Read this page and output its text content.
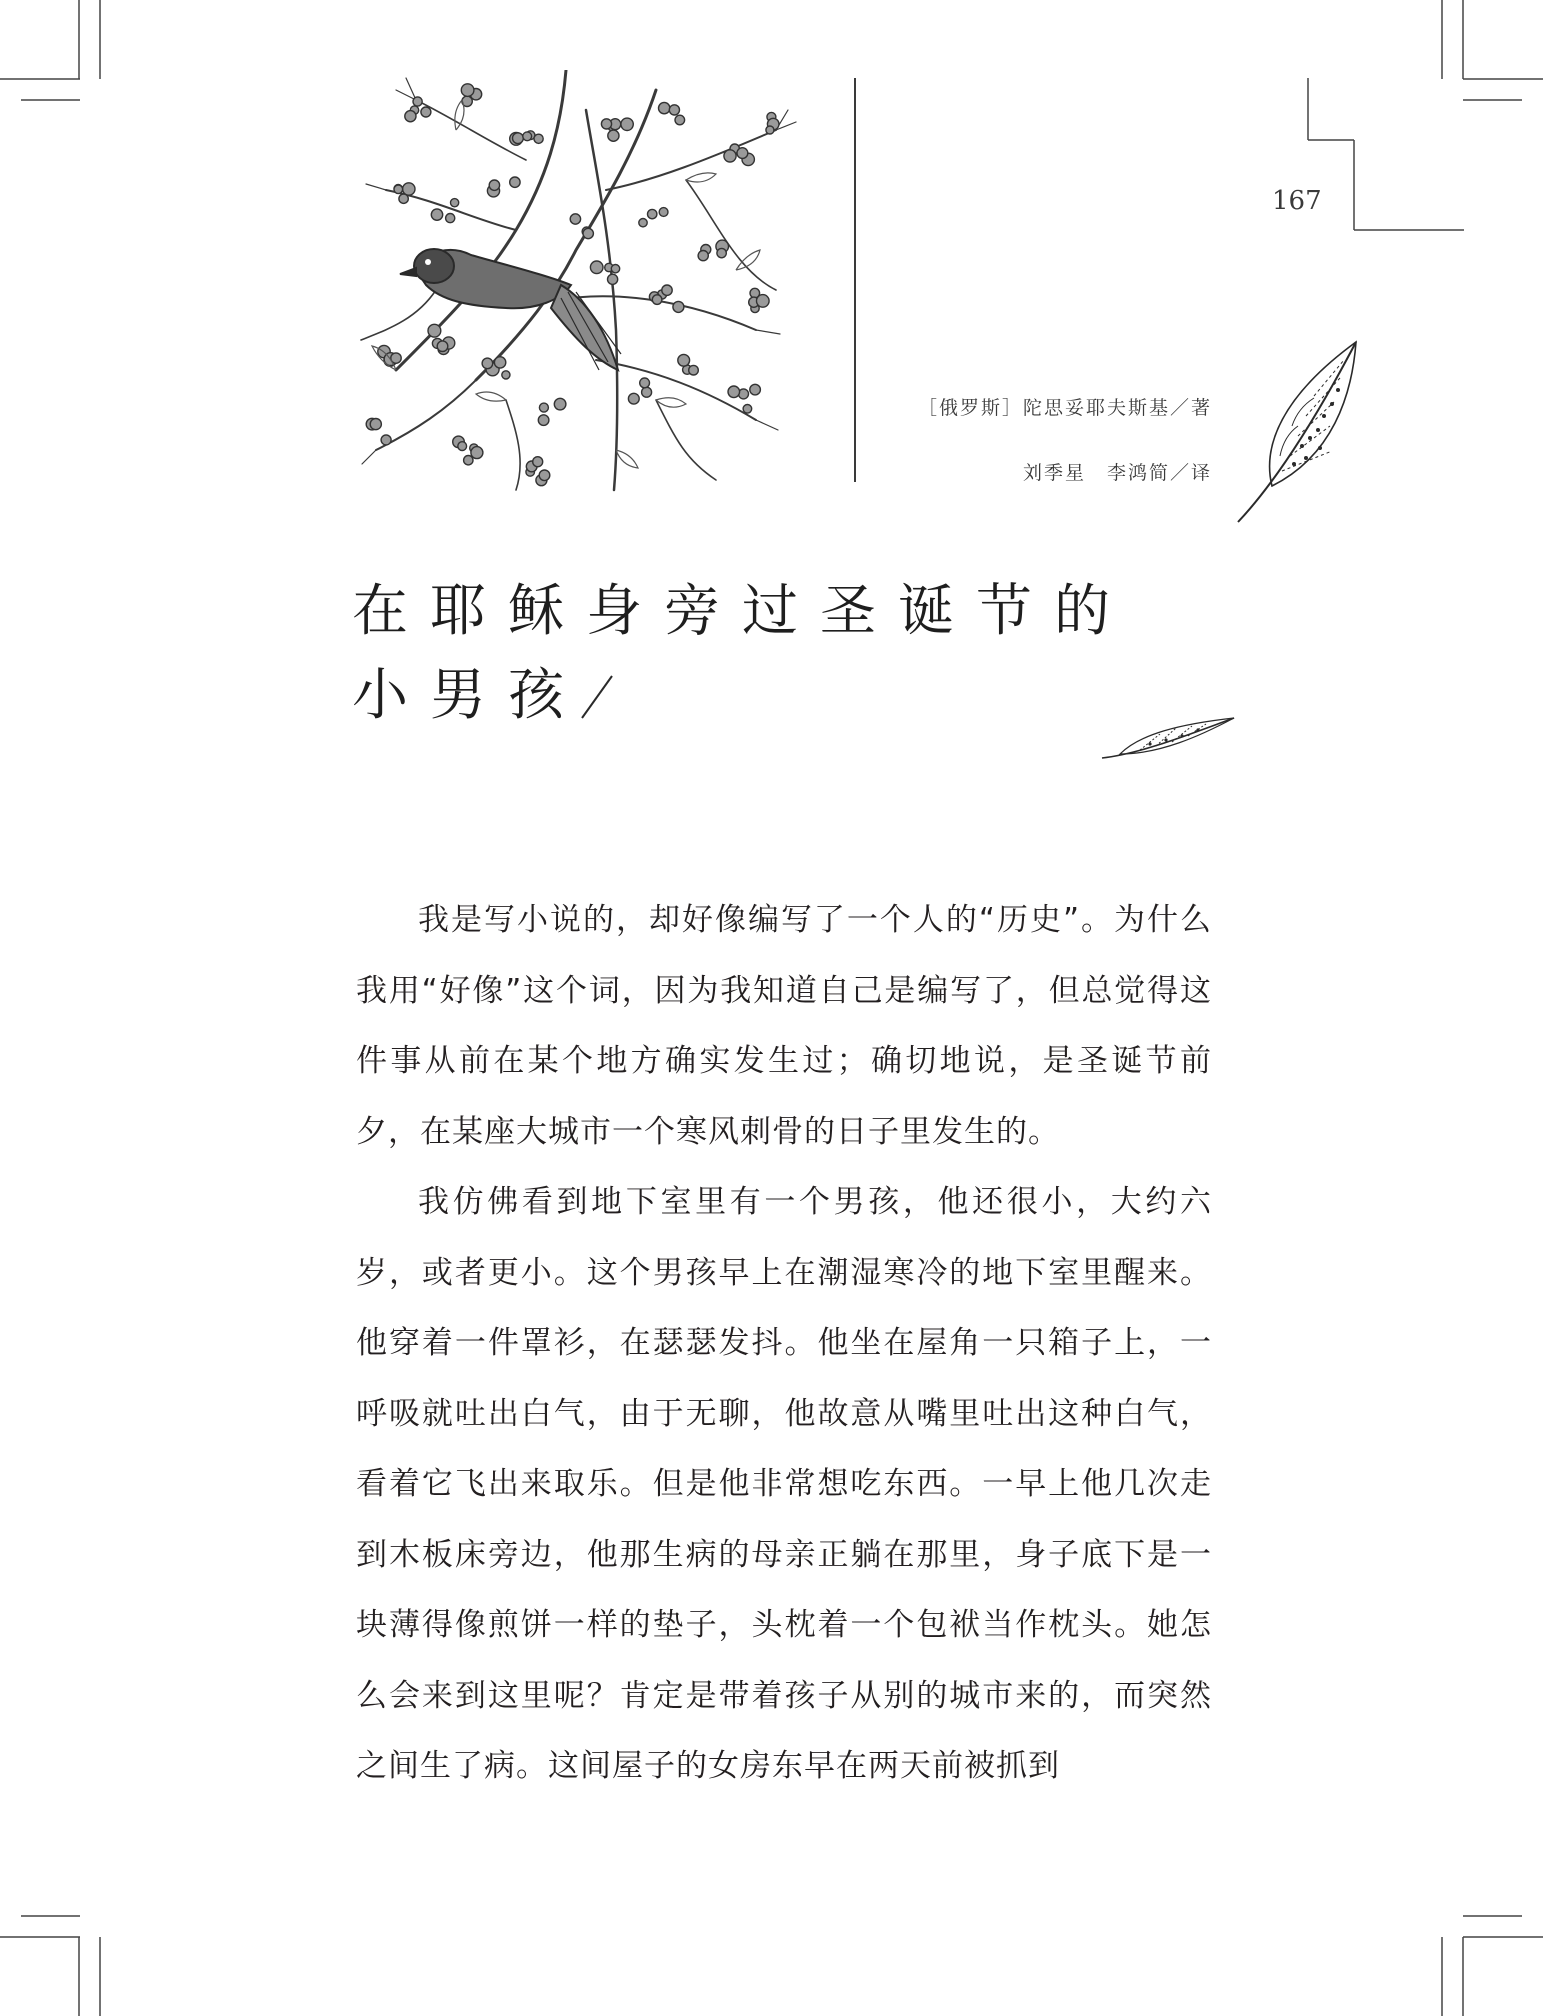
167
［俄罗斯］陀思妥耶夫斯基／著
刘季星　李鸿简／译
在耶稣身旁过圣诞节的
小男孩

我是写小说的，却好像编写了一个人的“历史”。为什么我用“好像”这个词，因为我知道自己是编写了，但总觉得这件事从前在某个地方确实发生过；确切地说，是圣诞节前夕，在某座大城市一个寒风刺骨的日子里发生的。

我仿佛看到地下室里有一个男孩，他还很小，大约六岁，或者更小。这个男孩早上在潮湿寒冷的地下室里醒来。他穿着一件罩衫，在瑟瑟发抖。他坐在屋角一只箱子上，一呼吸就吐出白气，由于无聊，他故意从嘴里吐出这种白气，看着它飞出来取乐。但是他非常想吃东西。一早上他几次走到木板床旁边，他那生病的母亲正躺在那里，身子底下是一块薄得像煎饼一样的垫子，头枕着一个包袱当作枕头。她怎么会来到这里呢？肯定是带着孩子从别的城市来的，而突然之间生了病。这间屋子的女房东早在两天前被抓到
